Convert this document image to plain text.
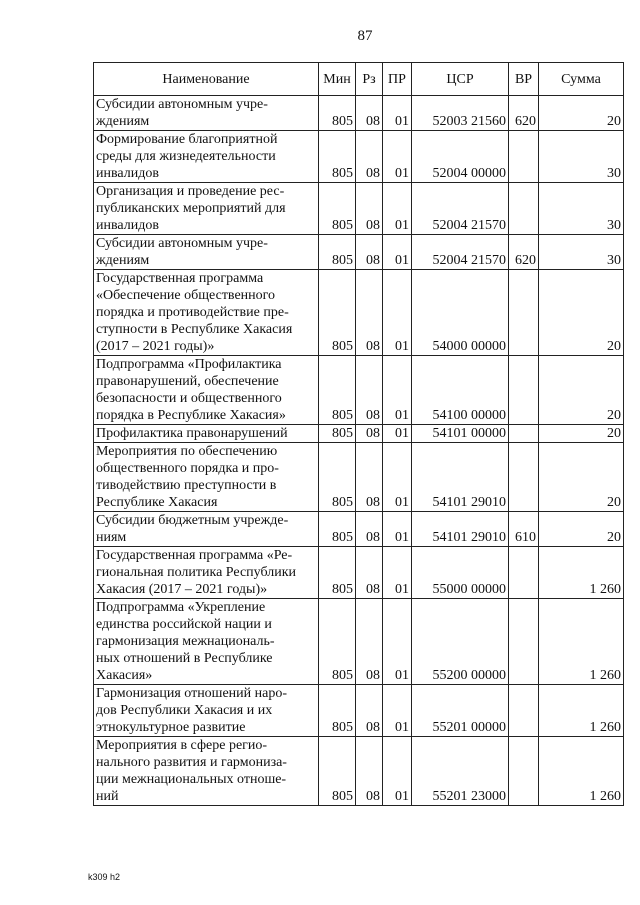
87
Наименование	Мин	Рз	ПР	ЦСР	ВР	Сумма
Субсидии автономным учре-
ждениям	805	08	01	52003 21560	620	20
Формирование благоприятной
среды для жизнедеятельности
инвалидов	805	08	01	52004 00000		30
Организация и проведение рес-
публиканских мероприятий для
инвалидов	805	08	01	52004 21570		30
Субсидии автономным учре-
ждениям	805	08	01	52004 21570	620	30
Государственная программа
«Обеспечение общественного
порядка и противодействие пре-
ступности в Республике Хакасия
(2017 – 2021 годы)»	805	08	01	54000 00000		20
Подпрограмма «Профилактика
правонарушений, обеспечение
безопасности и общественного
порядка в Республике Хакасия»	805	08	01	54100 00000		20
Профилактика правонарушений	805	08	01	54101 00000		20
Мероприятия по обеспечению
общественного порядка и про-
тиводействию преступности в
Республике Хакасия	805	08	01	54101 29010		20
Субсидии бюджетным учрежде-
ниям	805	08	01	54101 29010	610	20
Государственная программа «Ре-
гиональная политика Республики
Хакасия (2017 – 2021 годы)»	805	08	01	55000 00000		1 260
Подпрограмма «Укрепление
единства российской нации и
гармонизация межнациональ-
ных отношений в Республике
Хакасия»	805	08	01	55200 00000		1 260
Гармонизация отношений наро-
дов Республики Хакасия и их
этнокультурное развитие	805	08	01	55201 00000		1 260
Мероприятия в сфере регио-
нального развития и гармониза-
ции межнациональных отноше-
ний	805	08	01	55201 23000		1 260
k309 h2
